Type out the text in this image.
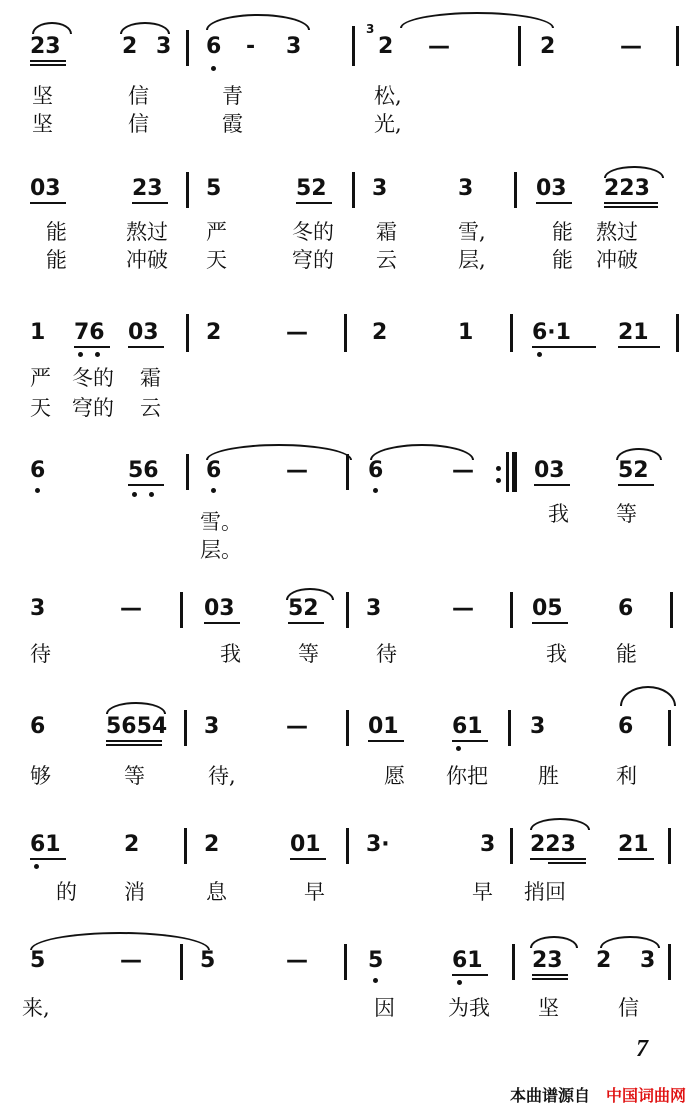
23	2 3 6 - 3
3
2 —	2	—
坚	信	青	松,
坚	信	霞	光,
03	23 5	52 3	3	03 223
能	熬过 严	冬的 霜	雪,	能 熬过
能	冲破 天	穹的 云	层,	能 冲破
1 76 03 2	—	2	1	6·1 21
严 冬的 霜
天 穹的 云
6	56 6	—	6	—	03 52
雪。	我 等
层。
3	—	03 52 3	—	05	6
待	我	等	待	我 能
6	5654 3	—	01 61 3	6
够	等	待,	愿 你把 胜	利
61	2	2	01 3·	3 223 21
的 消	息	早	早 捎回
5	—	5	—	5	61 23 2 3
来,	因	为我 坚	信
7
本曲谱源自 中国词曲网
